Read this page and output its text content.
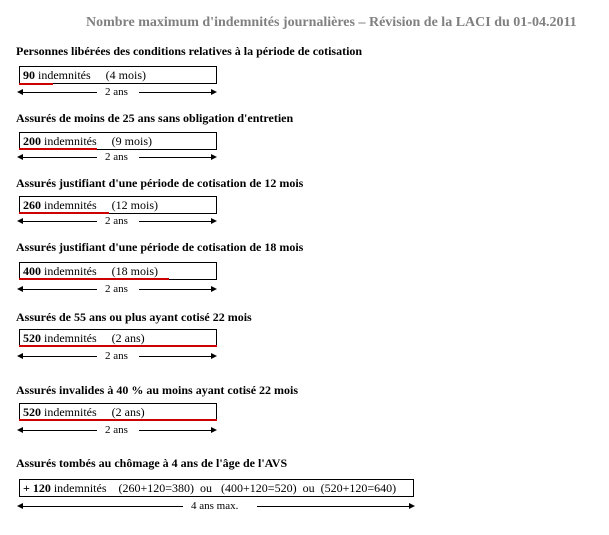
Nombre maximum d'indemnités journalières – Révision de la LACI du 01-04.2011
Personnes libérées des conditions relatives à la période de cotisation
90 indemnités (4 mois)
2 ans
Assurés de moins de 25 ans sans obligation d'entretien
200 indemnités (9 mois)
2 ans
Assurés justifiant d'une période de cotisation de 12 mois
260 indemnités (12 mois)
2 ans
Assurés justifiant d'une période de cotisation de 18 mois
400 indemnités (18 mois)
2 ans
Assurés de 55 ans ou plus ayant cotisé 22 mois
520 indemnités (2 ans)
2 ans
Assurés invalides à 40 % au moins ayant cotisé 22 mois
520 indemnités (2 ans)
2 ans
Assurés tombés au chômage à 4 ans de l'âge de l'AVS
+ 120 indemnités (260+120=380)  ou   (400+120=520)  ou  (520+120=640)
4 ans max.
